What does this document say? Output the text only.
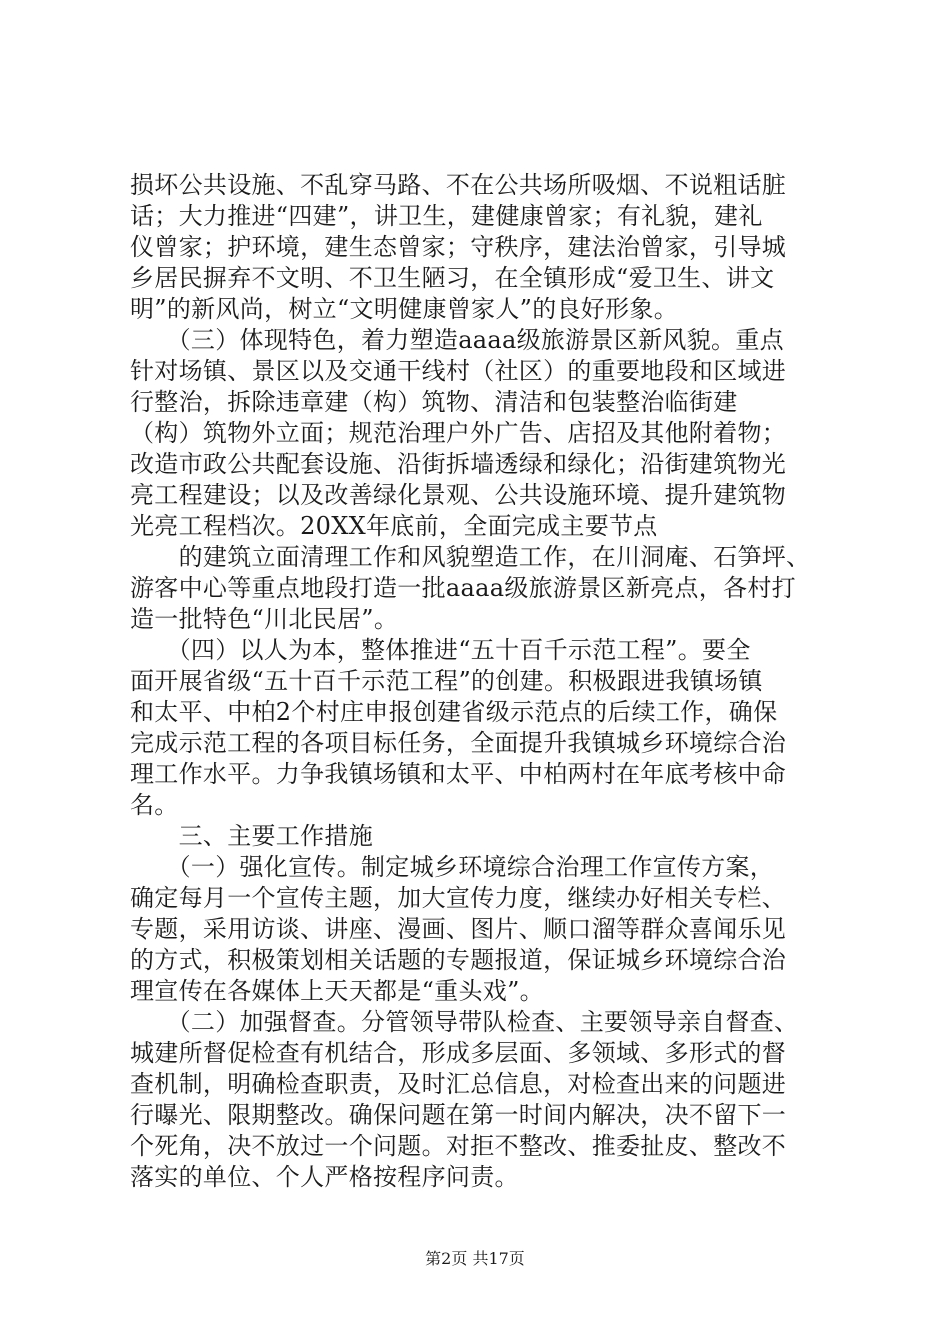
损坏公共设施、不乱穿马路、不在公共场所吸烟、不说粗话脏
话；大力推进“四建”，讲卫生，建健康曾家；有礼貌，建礼
仪曾家；护环境，建生态曾家；守秩序，建法治曾家，引导城
乡居民摒弃不文明、不卫生陋习，在全镇形成“爱卫生、讲文
明”的新风尚，树立“文明健康曾家人”的良好形象。
　　（三）体现特色，着力塑造aaaa级旅游景区新风貌。重点
针对场镇、景区以及交通干线村（社区）的重要地段和区域进
行整治，拆除违章建（构）筑物、清洁和包装整治临街建
（构）筑物外立面；规范治理户外广告、店招及其他附着物；
改造市政公共配套设施、沿街拆墙透绿和绿化；沿街建筑物光
亮工程建设；以及改善绿化景观、公共设施环境、提升建筑物
光亮工程档次。20XX年底前，全面完成主要节点
　　的建筑立面清理工作和风貌塑造工作，在川洞庵、石笋坪、
游客中心等重点地段打造一批aaaa级旅游景区新亮点，各村打
造一批特色“川北民居”。
　　（四）以人为本，整体推进“五十百千示范工程”。要全
面开展省级“五十百千示范工程”的创建。积极跟进我镇场镇
和太平、中柏2个村庄申报创建省级示范点的后续工作，确保
完成示范工程的各项目标任务，全面提升我镇城乡环境综合治
理工作水平。力争我镇场镇和太平、中柏两村在年底考核中命
名。
　　三、主要工作措施
　　（一）强化宣传。制定城乡环境综合治理工作宣传方案，
确定每月一个宣传主题，加大宣传力度，继续办好相关专栏、
专题，采用访谈、讲座、漫画、图片、顺口溜等群众喜闻乐见
的方式，积极策划相关话题的专题报道，保证城乡环境综合治
理宣传在各媒体上天天都是“重头戏”。
　　（二）加强督查。分管领导带队检查、主要领导亲自督查、
城建所督促检查有机结合，形成多层面、多领域、多形式的督
查机制，明确检查职责，及时汇总信息，对检查出来的问题进
行曝光、限期整改。确保问题在第一时间内解决，决不留下一
个死角，决不放过一个问题。对拒不整改、推委扯皮、整改不
落实的单位、个人严格按程序问责。
第2页 共17页
